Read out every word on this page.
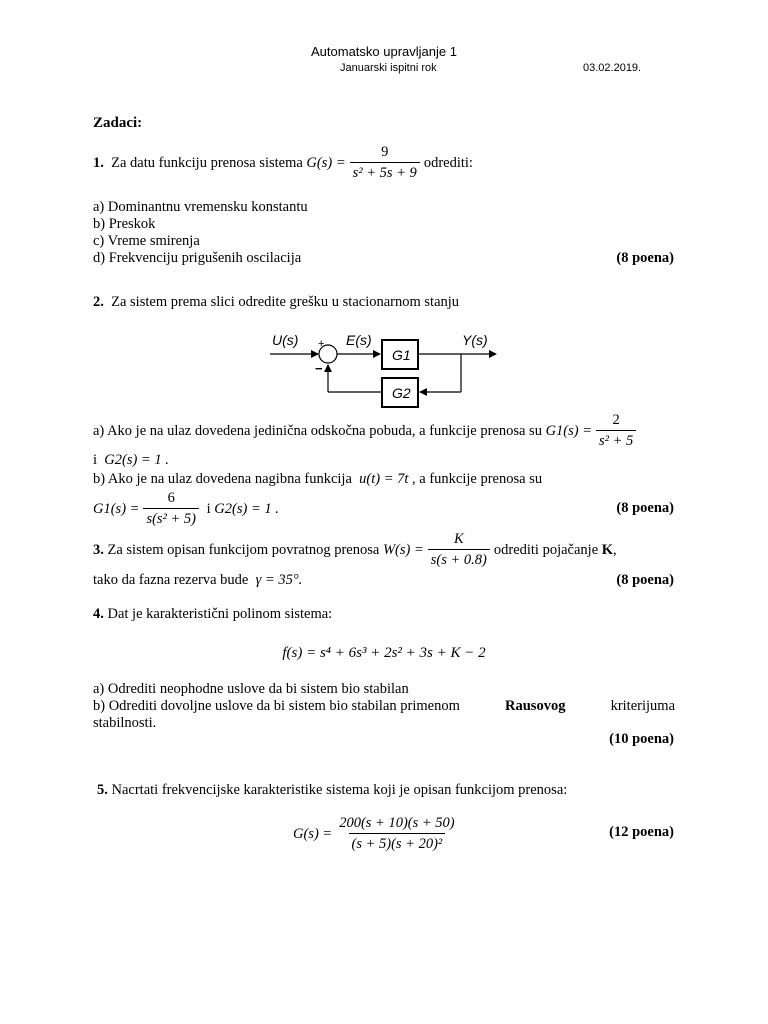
Automatsko upravljanje 1
Januarski ispitni rok	03.02.2019.
Zadaci:
1.
Za datu funkciju prenosa sistema
$G(s) = \frac{9}{\text{s² + 5s + 9}}$ odrediti:
a) Dominantnu vremensku konstantu
b) Preskok
c) Vreme smirenja
d) Frekvenciju prigušenih oscilacija	(8 poena)
2. Za sistem prema slici odredite grešku u stacionarnom stanju
U(s) +
−
E(s)	Y(s)
G1
G2
a) Ako je na ulaz dovedena jedinična odskočna pobuda, a funkcije prenosa su
$G1(s) = \frac{2}{\text{s² + 5}}$
i G2(s) = 1 .
b) Ako je na ulaz dovedena nagibna funkcija u(t) = 7t , a funkcije prenosa su
$G1(s) = \frac{6}{\text{s(s² + 5)}}$
i
G2(s) = 1 .	(8 poena)
3.
Za sistem opisan funkcijom povratnog prenosa
$W(s) = \frac{K}{s(s + 0.8)}$ odrediti pojačanje
K ,
tako da fazna rezerva bude γ = 35°.	(8 poena)
4. Dat je karakteristični polinom sistema:
f(s) = s⁴ + 6s³ + 2s² + 3s + K − 2
a) Odrediti neophodne uslove da bi sistem bio stabilan
b) Odrediti dovoljne uslove da bi sistem bio stabilan primenom	Rausovog	kriterijuma
stabilnosti.
(10 poena)
5. Nacrtati frekvencijske karakteristike sistema koji je opisan funkcijom prenosa:
$G(s) = \frac{200(s + 10)(s + 50)}{\text{(s + 5)(s + 20)²}}$	(12 poena)
